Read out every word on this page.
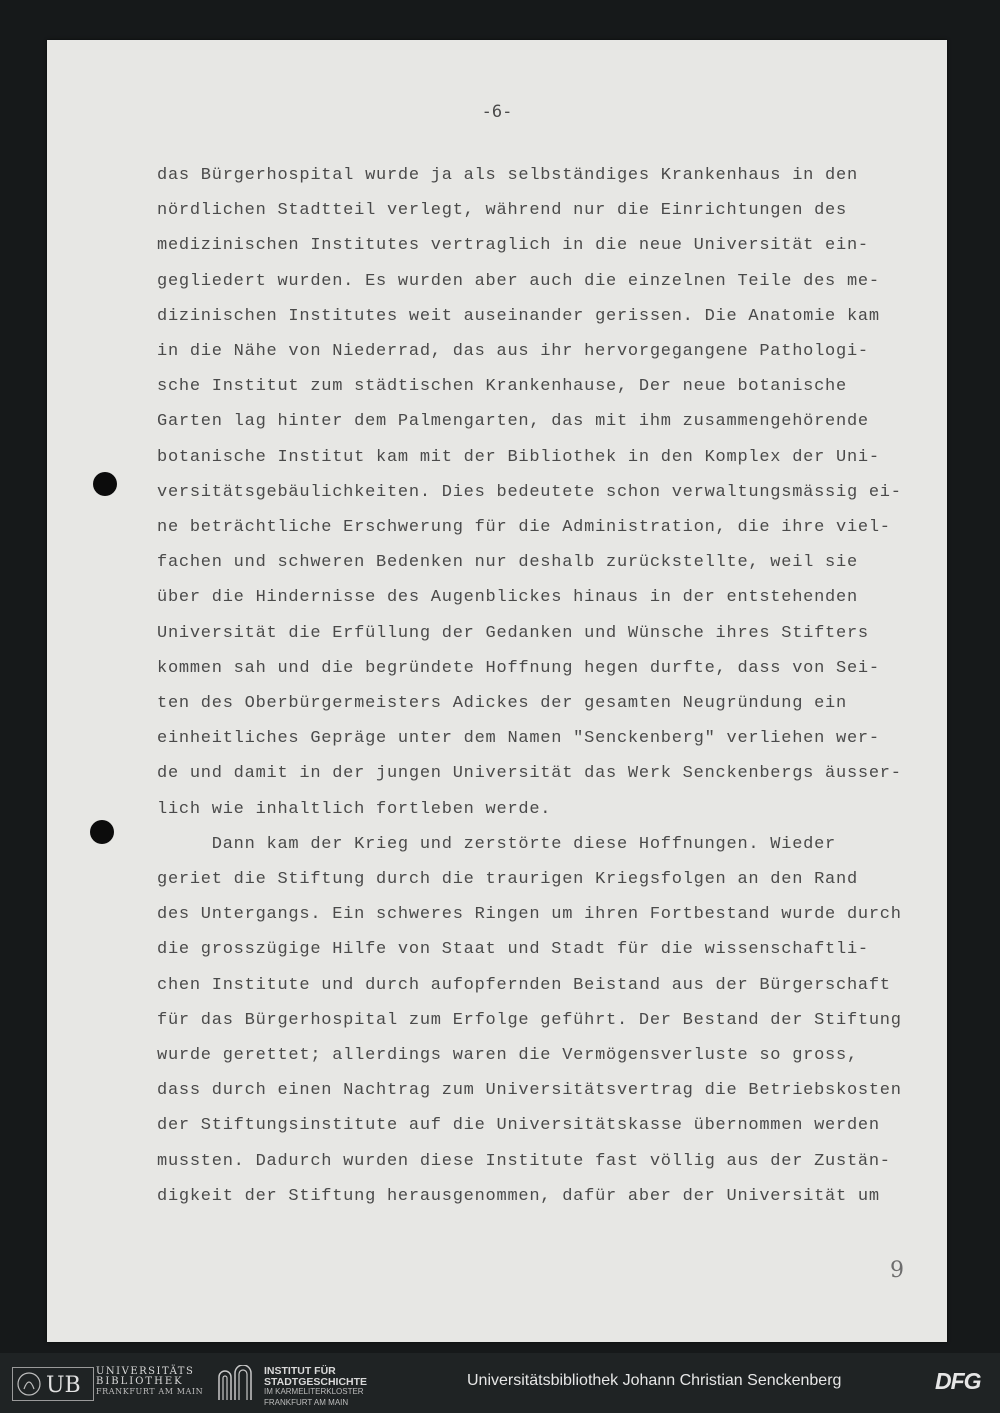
-6-
das Bürgerhospital wurde ja als selbständiges Krankenhaus in den
nördlichen Stadtteil verlegt, während nur die Einrichtungen des
medizinischen Institutes vertraglich in die neue Universität ein-
gegliedert wurden. Es wurden aber auch die einzelnen Teile des me-
dizinischen Institutes weit auseinander gerissen. Die Anatomie kam
in die Nähe von Niederrad, das aus ihr hervorgegangene Pathologi-
sche Institut zum städtischen Krankenhause, Der neue botanische
Garten lag hinter dem Palmengarten, das mit ihm zusammengehörende
botanische Institut kam mit der Bibliothek in den Komplex der Uni-
versitätsgebäulichkeiten. Dies bedeutete schon verwaltungsmässig ei-
ne beträchtliche Erschwerung für die Administration, die ihre viel-
fachen und schweren Bedenken nur deshalb zurückstellte, weil sie
über die Hindernisse des Augenblickes hinaus in der entstehenden
Universität die Erfüllung der Gedanken und Wünsche ihres Stifters
kommen sah und die begründete Hoffnung hegen durfte, dass von Sei-
ten des Oberbürgermeisters Adickes der gesamten Neugründung ein
einheitliches Gepräge unter dem Namen "Senckenberg" verliehen wer-
de und damit in der jungen Universität das Werk Senckenbergs äusser-
lich wie inhaltlich fortleben werde.
Dann kam der Krieg und zerstörte diese Hoffnungen. Wieder
geriet die Stiftung durch die traurigen Kriegsfolgen an den Rand
des Untergangs. Ein schweres Ringen um ihren Fortbestand wurde durch
die grosszügige Hilfe von Staat und Stadt für die wissenschaftli-
chen Institute und durch aufopfernden Beistand aus der Bürgerschaft
für das Bürgerhospital zum Erfolge geführt. Der Bestand der Stiftung
wurde gerettet; allerdings waren die Vermögensverluste so gross,
dass durch einen Nachtrag zum Universitätsvertrag die Betriebskosten
der Stiftungsinstitute auf die Universitätskasse übernommen werden
mussten. Dadurch wurden diese Institute fast völlig aus der Zustän-
digkeit der Stiftung herausgenommen, dafür aber der Universität um
9
UB
UNIVERSITÄTS
BIBLIOTHEK
FRANKFURT AM MAIN
INSTITUT FÜR
STADTGESCHICHTE
IM KARMELITERKLOSTER
FRANKFURT AM MAIN
Universitätsbibliothek Johann Christian Senckenberg	DFG
